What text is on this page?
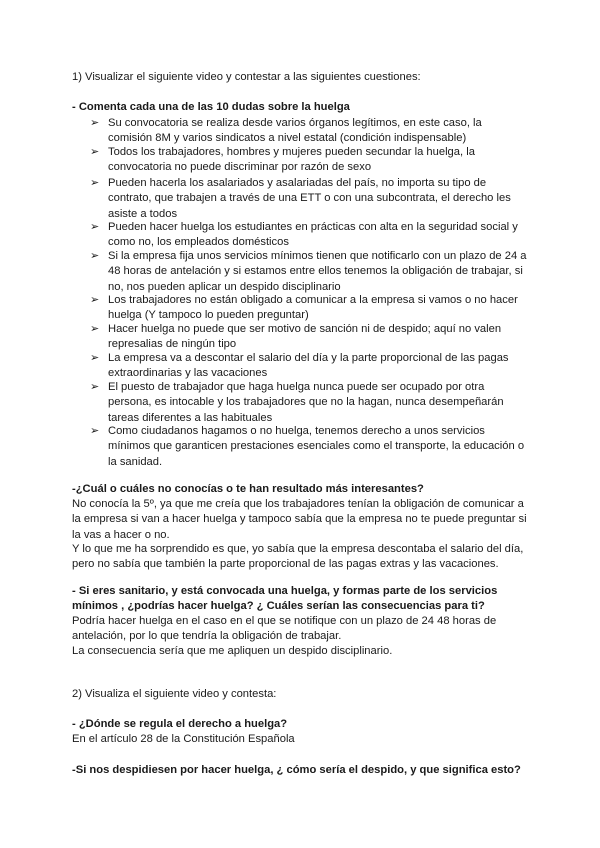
1) Visualizar el siguiente video y contestar a las siguientes cuestiones:
- Comenta cada una de las 10 dudas sobre la huelga
➢ Su convocatoria se realiza desde varios órganos legítimos, en este caso, la comisión 8M y varios sindicatos a nivel estatal (condición indispensable)
➢ Todos los trabajadores, hombres y mujeres pueden secundar la huelga, la convocatoria no puede discriminar por razón de sexo
➢ Pueden hacerla los asalariados y asalariadas del país, no importa su tipo de contrato, que trabajen a través de una ETT o con una subcontrata, el derecho les asiste a todos
➢ Pueden hacer huelga los estudiantes en prácticas con alta en la seguridad social y como no, los empleados domésticos
➢ Si la empresa fija unos servicios mínimos tienen que notificarlo con un plazo de 24 a 48 horas de antelación y si estamos entre ellos tenemos la obligación de trabajar, si no, nos pueden aplicar un despido disciplinario
➢ Los trabajadores no están obligado a comunicar a la empresa si vamos o no hacer huelga (Y tampoco lo pueden preguntar)
➢ Hacer huelga no puede que ser motivo de sanción ni de despido; aquí no valen represalias de ningún tipo
➢ La empresa va a descontar el salario del día y la parte proporcional de las pagas extraordinarias y las vacaciones
➢ El puesto de trabajador que haga huelga nunca puede ser ocupado por otra persona, es intocable y los trabajadores que no la hagan, nunca desempeñarán tareas diferentes a las habituales
➢ Como ciudadanos hagamos o no huelga, tenemos derecho a unos servicios mínimos que garanticen prestaciones esenciales como el transporte, la educación o la sanidad.
-¿Cuál o cuáles no conocías o te han resultado más interesantes?
No conocía la 5º, ya que me creía que los trabajadores tenían la obligación de comunicar a la empresa si van a hacer huelga y tampoco sabía que la empresa no te puede preguntar si la vas a hacer o no.
Y lo que me ha sorprendido es que, yo sabía que la empresa descontaba el salario del día, pero no sabía que también la parte proporcional de las pagas extras y las vacaciones.
- Si eres sanitario, y está convocada una huelga, y formas parte de los servicios mínimos , ¿podrías hacer huelga? ¿ Cuáles serían las consecuencias para ti?
Podría hacer huelga en el caso en el que se notifique con un plazo de 24 48 horas de antelación, por lo que tendría la obligación de trabajar.
La consecuencia sería que me apliquen un despido disciplinario.
2) Visualiza el siguiente video y contesta:
- ¿Dónde se regula el derecho a huelga?
En el artículo 28 de la Constitución Española
-Si nos despidiesen por hacer huelga, ¿ cómo sería el despido, y que significa esto?
